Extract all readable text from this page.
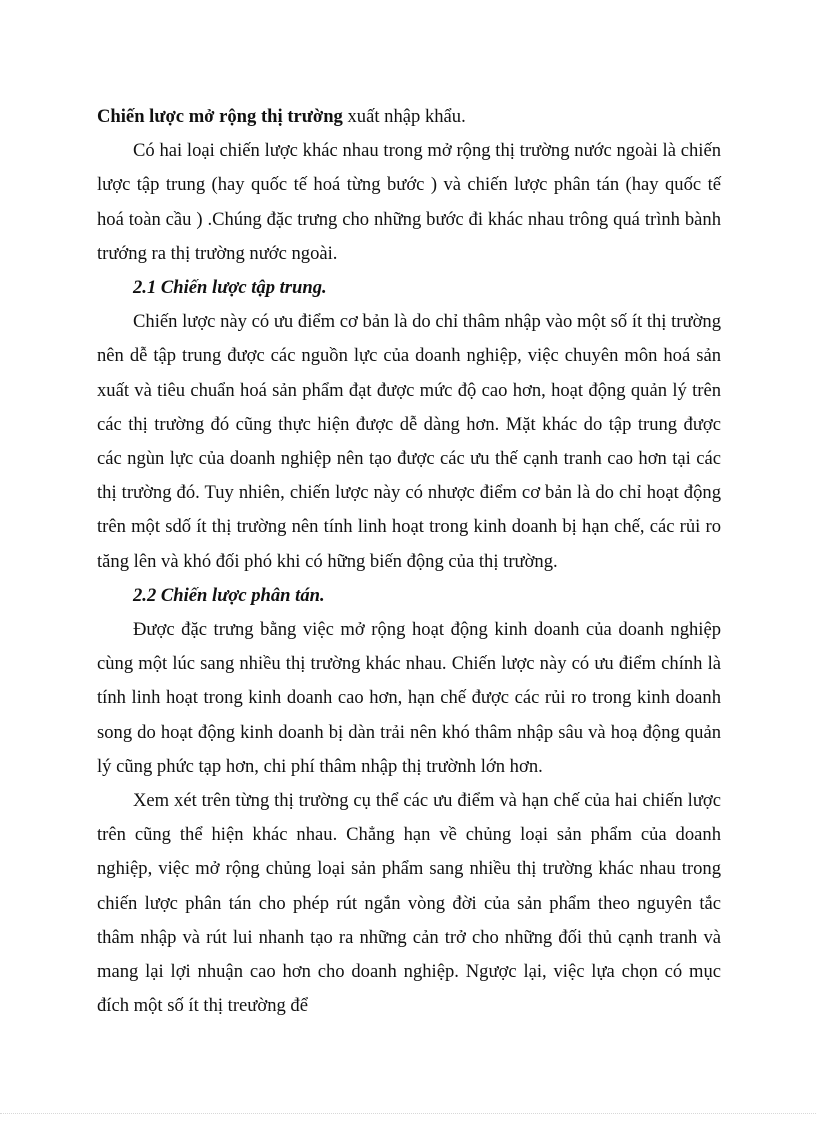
Chiến lược mở rộng thị trường xuất nhập khẩu.

Có hai loại chiến lược khác nhau trong mở rộng thị trường nước ngoài là chiến lược tập trung (hay quốc tế hoá từng bước ) và chiến lược phân tán (hay quốc tế hoá toàn cầu ) .Chúng đặc trưng cho những bước đi khác nhau trông quá trình bành trướng ra thị trường nước ngoài.

2.1 Chiến lược tập trung.

Chiến lược này có ưu điểm cơ bản là do chỉ thâm nhập vào một số ít thị trường nên dễ tập trung được các nguồn lực của doanh nghiệp, việc chuyên môn hoá sản xuất và tiêu chuẩn hoá sản phẩm đạt được mức độ cao hơn, hoạt động quản lý trên các thị trường đó cũng thực hiện được dễ dàng hơn. Mặt khác do tập trung được các ngùn lực của doanh nghiệp nên tạo được các ưu thế cạnh tranh cao hơn tại các thị trường đó. Tuy nhiên, chiến lược này có nhược điểm cơ bản là do chỉ hoạt động trên một sdố ít thị trường nên tính linh hoạt trong kinh doanh bị hạn chế, các rủi ro tăng lên và khó đối phó khi có hững biến động của thị trường.

2.2 Chiến lược phân tán.

Được đặc trưng bằng việc mở rộng hoạt động kinh doanh của doanh nghiệp cùng một lúc sang nhiều thị trường khác nhau. Chiến lược này có ưu điểm chính là tính linh hoạt trong kinh doanh cao hơn, hạn chế được các rủi ro trong kinh doanh song do hoạt động kinh doanh bị dàn trải nên khó thâm nhập sâu và hoạ động quản lý cũng phức tạp hơn, chi phí thâm nhập thị trườnh lớn hơn.

Xem xét trên từng thị trường cụ thể các ưu điểm và hạn chế của hai chiến lược trên cũng thể hiện khác nhau. Chẳng hạn về chủng loại sản phẩm của doanh nghiệp, việc mở rộng chủng loại sản phẩm sang nhiều thị trường khác nhau trong chiến lược phân tán cho phép rút ngắn vòng đời của sản phẩm theo nguyên tắc thâm nhập và rút lui nhanh tạo ra những cản trở cho những đối thủ cạnh tranh và mang lại lợi nhuận cao hơn cho doanh nghiệp. Ngược lại, việc lựa chọn có mục đích một số ít thị treường để
